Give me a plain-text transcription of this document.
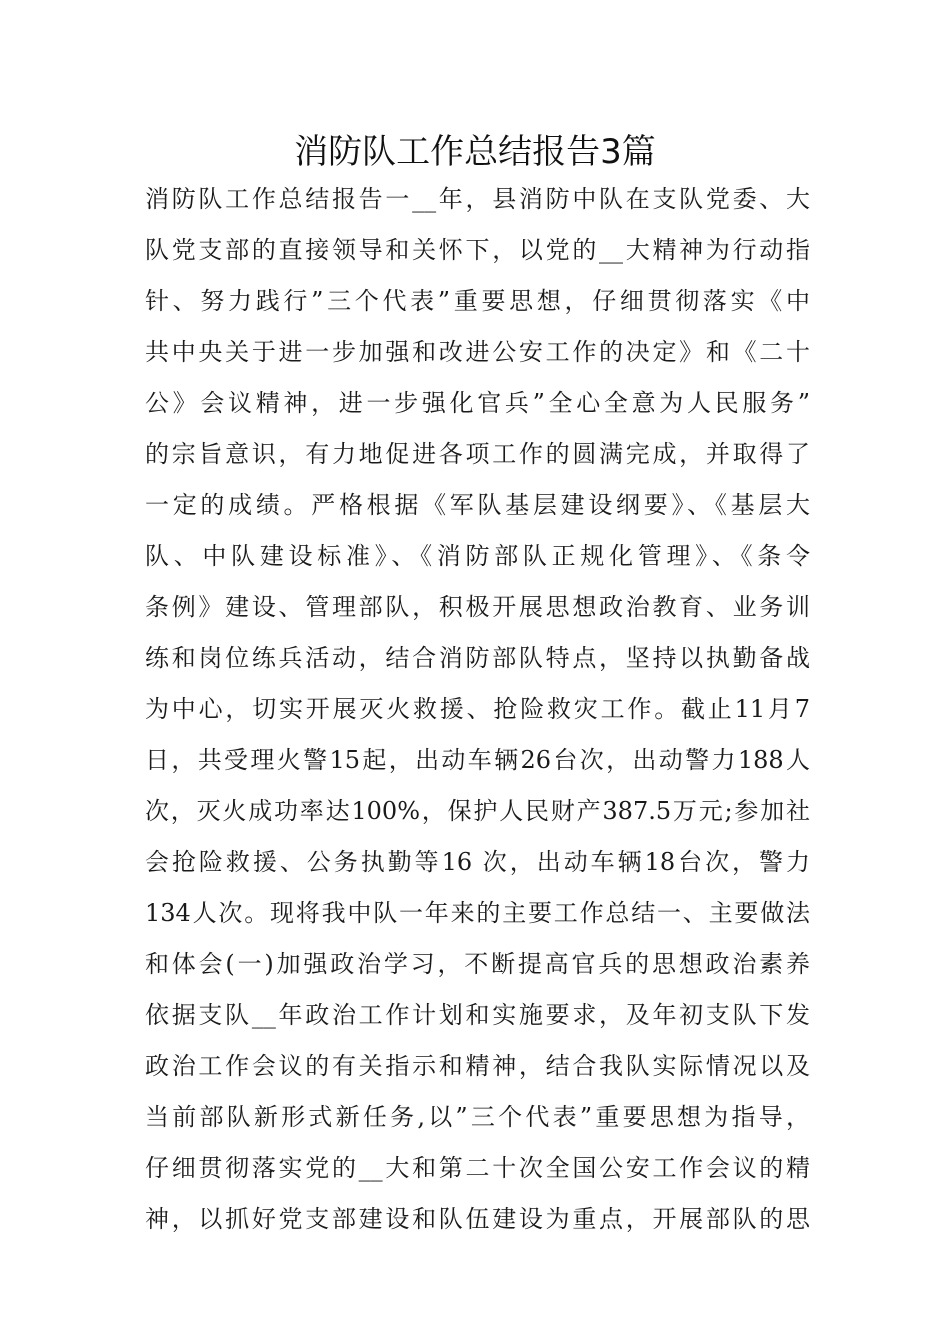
消防队工作总结报告3篇
消防队工作总结报告一__年，县消防中队在支队党委、大
队党支部的直接领导和关怀下，以党的__大精神为行动指
针、努力践行”三个代表”重要思想，仔细贯彻落实《中
共中央关于进一步加强和改进公安工作的决定》和《二十
公》会议精神，进一步强化官兵”全心全意为人民服务”
的宗旨意识，有力地促进各项工作的圆满完成，并取得了
一定的成绩。严格根据《军队基层建设纲要》、《基层大
队、中队建设标准》、《消防部队正规化管理》、《条令
条例》建设、管理部队，积极开展思想政治教育、业务训
练和岗位练兵活动，结合消防部队特点，坚持以执勤备战
为中心，切实开展灭火救援、抢险救灾工作。截止11月7
日，共受理火警15起，出动车辆26台次，出动警力188人
次，灭火成功率达100%，保护人民财产387.5万元;参加社
会抢险救援、公务执勤等16 次，出动车辆18台次，警力
134人次。现将我中队一年来的主要工作总结一、主要做法
和体会(一)加强政治学习，不断提高官兵的思想政治素养
依据支队__年政治工作计划和实施要求，及年初支队下发
政治工作会议的有关指示和精神，结合我队实际情况以及
当前部队新形式新任务,以”三个代表”重要思想为指导，
仔细贯彻落实党的__大和第二十次全国公安工作会议的精
神，以抓好党支部建设和队伍建设为重点，开展部队的思
